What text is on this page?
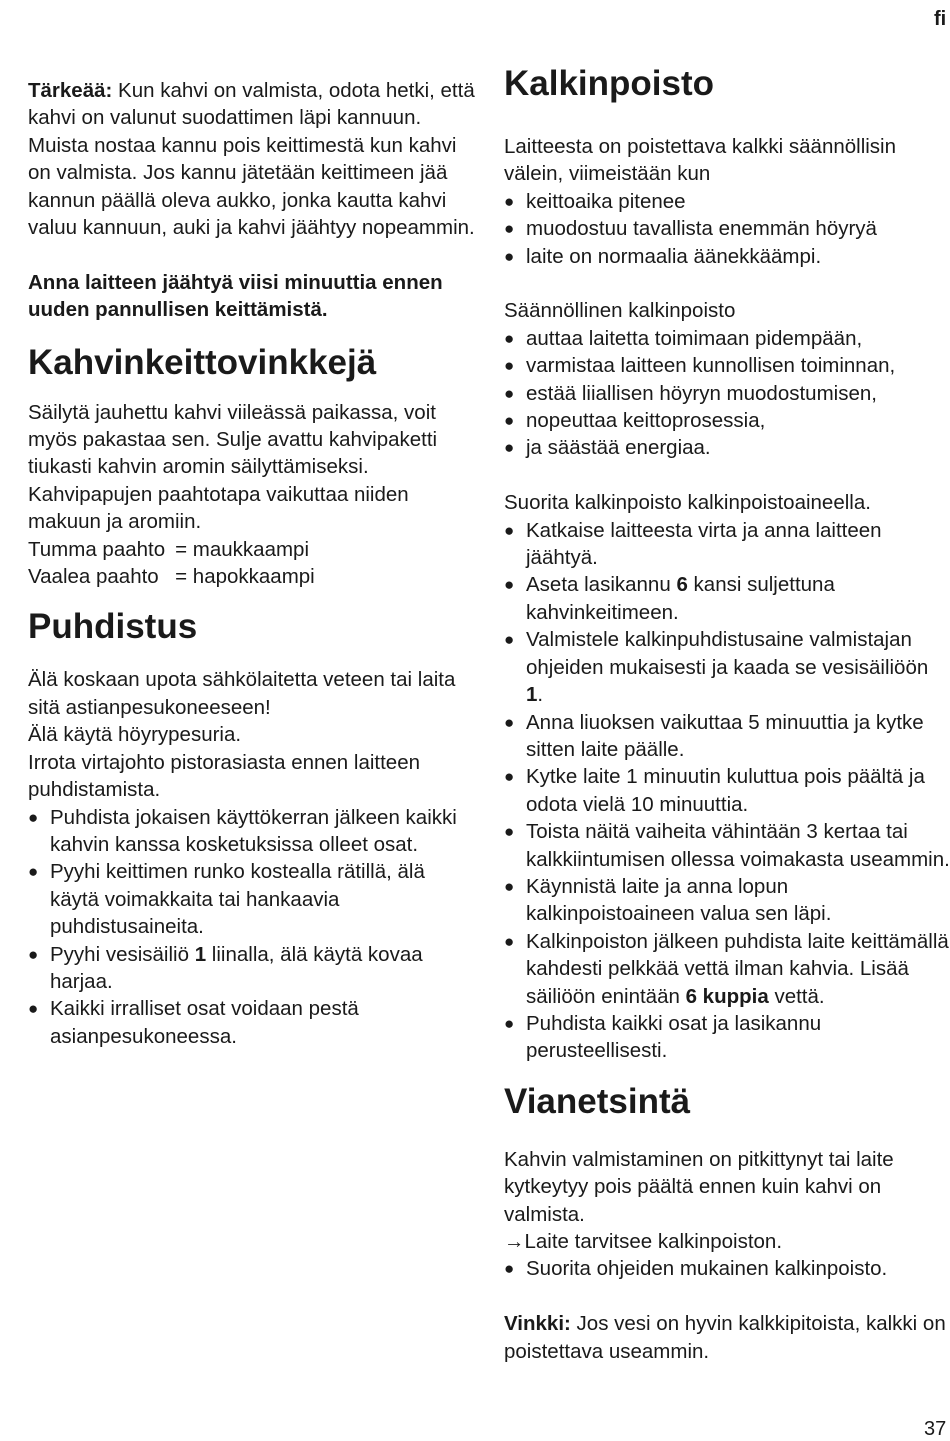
fi

Tärkeää: Kun kahvi on valmista, odota hetki, että kahvi on valunut suodattimen läpi kannuun. Muista nostaa kannu pois keittimestä kun kahvi on valmista. Jos kannu jätetään keittimeen jää kannun päällä oleva aukko, jonka kautta kahvi valuu kannuun, auki ja kahvi jäähtyy nopeammin.

Anna laitteen jäähtyä viisi minuuttia ennen uuden pannullisen keittämistä.

Kahvinkeittovinkkejä

Säilytä jauhettu kahvi viileässä paikassa, voit myös pakastaa sen. Sulje avattu kahvipaketti tiukasti kahvin aromin säilyttämiseksi. Kahvipapujen paahtotapa vaikuttaa niiden makuun ja aromiin.

Tumma paahto	= maukkaampi
Vaalea paahto	= hapokkaampi
Puhdistus

Älä koskaan upota sähkölaitetta veteen tai laita sitä astianpesukoneeseen!

Älä käytä höyrypesuria.

Irrota virtajohto pistorasiasta ennen laitteen puhdistamista.

● Puhdista jokaisen käyttökerran jälkeen kaikki kahvin kanssa kosketuksissa olleet osat.
● Pyyhi keittimen runko kostealla rätillä, älä käytä voimakkaita tai hankaavia puhdistusaineita.
● Pyyhi vesisäiliö 1 liinalla, älä käytä kovaa harjaa.
● Kaikki irralliset osat voidaan pestä asianpesukoneessa.
Kalkinpoisto

Laitteesta on poistettava kalkki säännöllisin välein, viimeistään kun

● keittoaika pitenee
● muodostuu tavallista enemmän höyryä
● laite on normaalia äänekkäämpi.

Säännöllinen kalkinpoisto

● auttaa laitetta toimimaan pidempään,
● varmistaa laitteen kunnollisen toiminnan,
● estää liiallisen höyryn muodostumisen,
● nopeuttaa keittoprosessia,
● ja säästää energiaa.

Suorita kalkinpoisto kalkinpoistoaineella.

● Katkaise laitteesta virta ja anna laitteen jäähtyä.
● Aseta lasikannu 6 kansi suljettuna kahvinkeitimeen.
● Valmistele kalkinpuhdistusaine valmistajan ohjeiden mukaisesti ja kaada se vesisäiliöön 1.
● Anna liuoksen vaikuttaa 5 minuuttia ja kytke sitten laite päälle.
● Kytke laite 1 minuutin kuluttua pois päältä ja odota vielä 10 minuuttia.
● Toista näitä vaiheita vähintään 3 kertaa tai kalkkiintumisen ollessa voimakasta useammin.
● Käynnistä laite ja anna lopun kalkinpoistoaineen valua sen läpi.
● Kalkinpoiston jälkeen puhdista laite keittämällä kahdesti pelkkää vettä ilman kahvia. Lisää säiliöön enintään 6 kuppia vettä.
● Puhdista kaikki osat ja lasikannu perusteellisesti.
Vianetsintä

Kahvin valmistaminen on pitkittynyt tai laite kytkeytyy pois päältä ennen kuin kahvi on valmista.

→Laite tarvitsee kalkinpoiston.

● Suorita ohjeiden mukainen kalkinpoisto.

Vinkki: Jos vesi on hyvin kalkkipitoista, kalkki on poistettava useammin.

37
